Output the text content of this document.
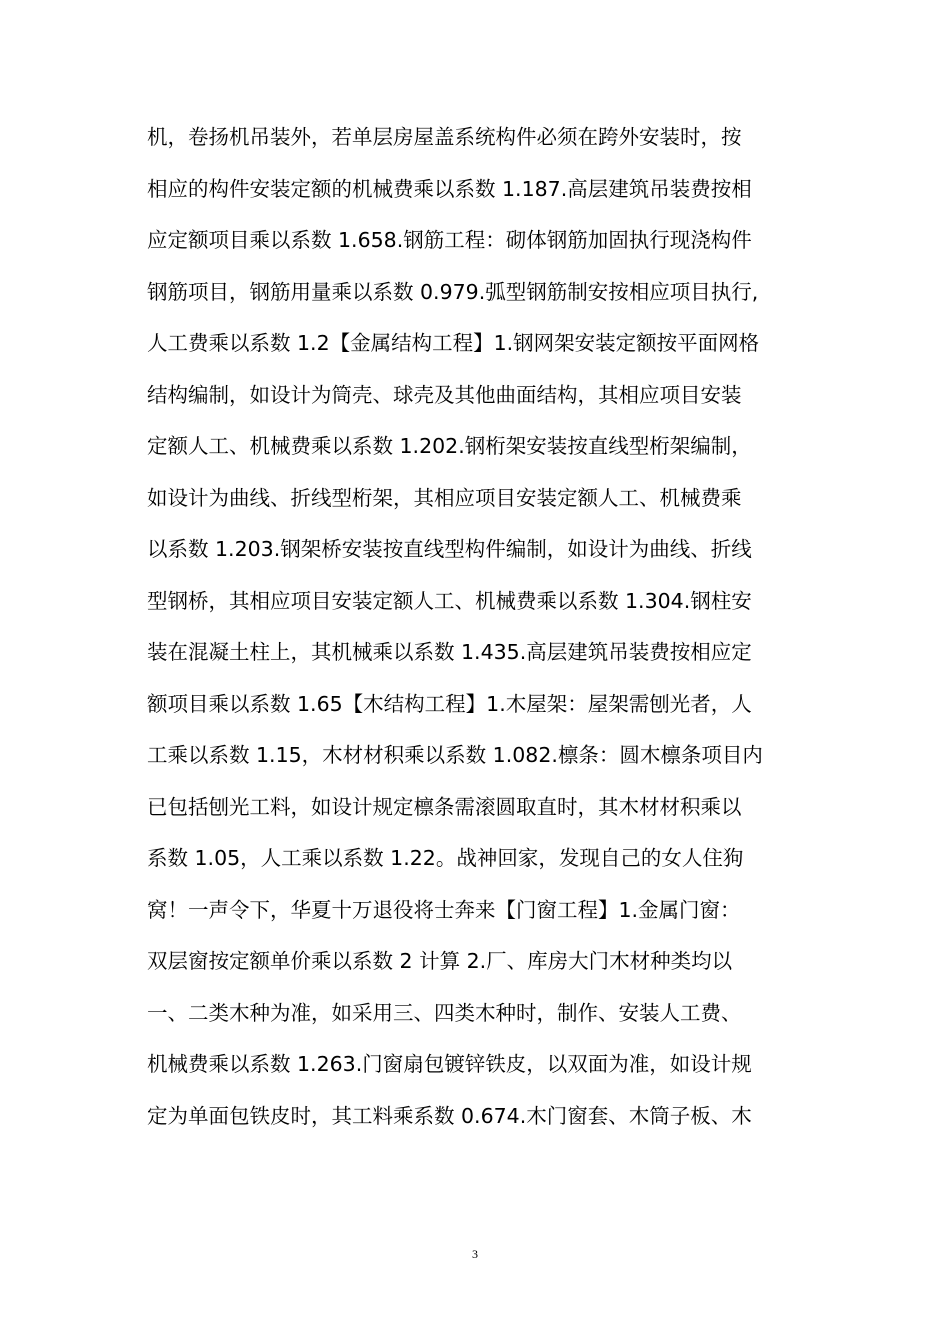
机，卷扬机吊装外，若单层房屋盖系统构件必须在跨外安装时，按
相应的构件安装定额的机械费乘以系数 1.187.高层建筑吊装费按相
应定额项目乘以系数 1.658.钢筋工程：砌体钢筋加固执行现浇构件
钢筋项目，钢筋用量乘以系数 0.979.弧型钢筋制安按相应项目执行,
人工费乘以系数 1.2【金属结构工程】1.钢网架安装定额按平面网格
结构编制，如设计为筒壳、球壳及其他曲面结构，其相应项目安装
定额人工、机械费乘以系数 1.202.钢桁架安装按直线型桁架编制，
如设计为曲线、折线型桁架，其相应项目安装定额人工、机械费乘
以系数 1.203.钢架桥安装按直线型构件编制，如设计为曲线、折线
型钢桥，其相应项目安装定额人工、机械费乘以系数 1.304.钢柱安
装在混凝土柱上，其机械乘以系数 1.435.高层建筑吊装费按相应定
额项目乘以系数 1.65【木结构工程】1.木屋架：屋架需刨光者，人
工乘以系数 1.15，木材材积乘以系数 1.082.檩条：圆木檩条项目内
已包括刨光工料，如设计规定檩条需滚圆取直时，其木材材积乘以
系数 1.05，人工乘以系数 1.22。战神回家，发现自己的女人住狗
窝！一声令下，华夏十万退役将士奔来【门窗工程】1.金属门窗：
双层窗按定额单价乘以系数 2 计算 2.厂、库房大门木材种类均以
一、二类木种为准，如采用三、四类木种时，制作、安装人工费、
机械费乘以系数 1.263.门窗扇包镀锌铁皮，以双面为准，如设计规
定为单面包铁皮时，其工料乘系数 0.674.木门窗套、木筒子板、木
3
